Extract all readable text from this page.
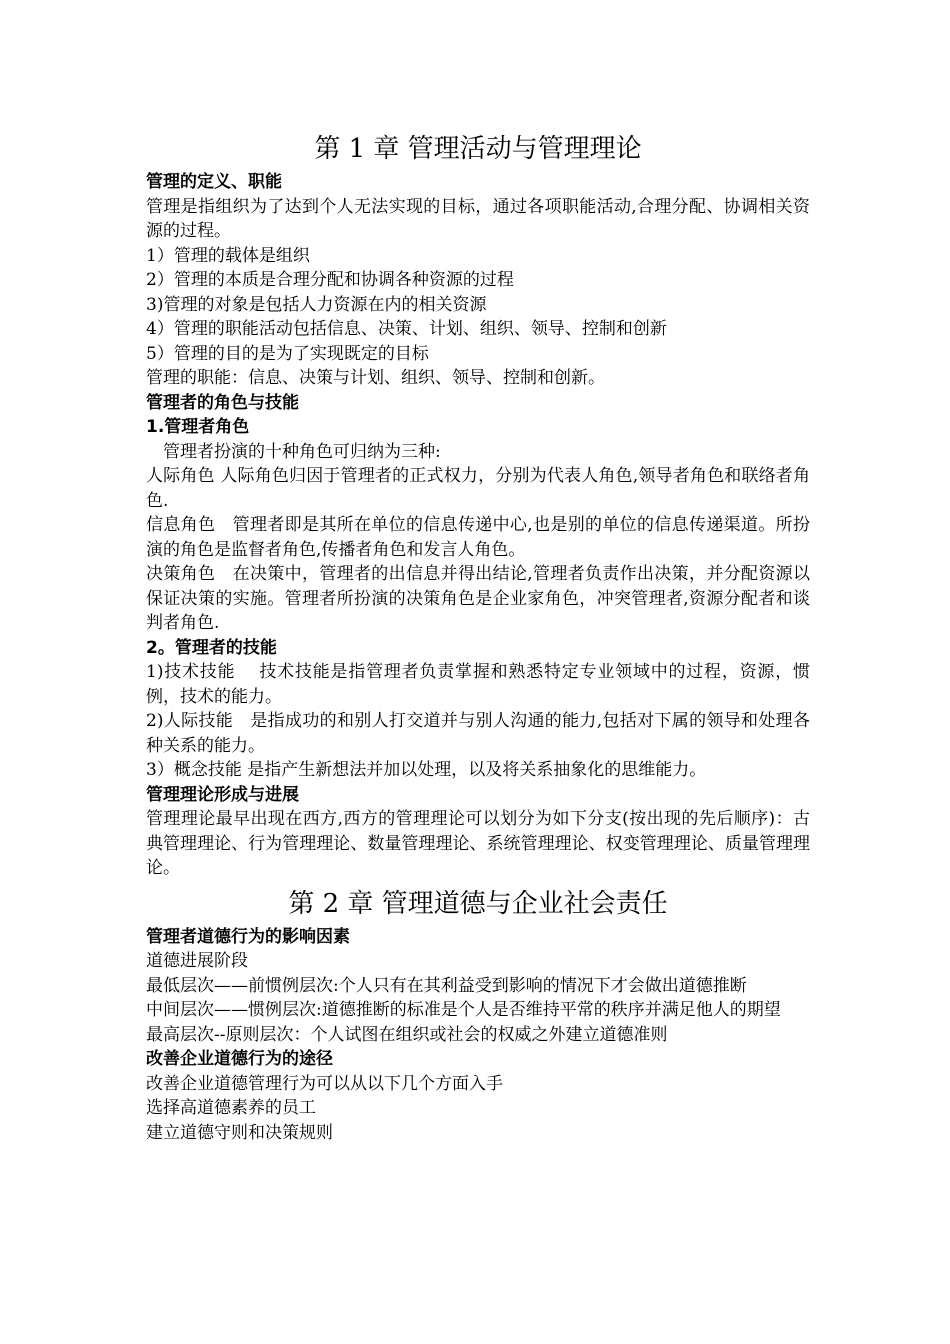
第 1 章 管理活动与管理理论

管理的定义、职能

管理是指组织为了达到个人无法实现的目标，通过各项职能活动,合理分配、协调相关资源的过程。

1）管理的载体是组织

2）管理的本质是合理分配和协调各种资源的过程

3)管理的对象是包括人力资源在内的相关资源

4）管理的职能活动包括信息、决策、计划、组织、领导、控制和创新

5）管理的目的是为了实现既定的目标

管理的职能：信息、决策与计划、组织、领导、控制和创新。

管理者的角色与技能

1.管理者角色

管理者扮演的十种角色可归纳为三种:

人际角色 人际角色归因于管理者的正式权力，分别为代表人角色,领导者角色和联络者角色.

信息角色　管理者即是其所在单位的信息传递中心,也是别的单位的信息传递渠道。所扮演的角色是监督者角色,传播者角色和发言人角色。

决策角色　在决策中，管理者的出信息并得出结论,管理者负责作出决策，并分配资源以保证决策的实施。管理者所扮演的决策角色是企业家角色，冲突管理者,资源分配者和谈判者角色.

2。管理者的技能

1)技术技能　 技术技能是指管理者负责掌握和熟悉特定专业领域中的过程，资源，惯例，技术的能力。

2)人际技能　是指成功的和别人打交道并与别人沟通的能力,包括对下属的领导和处理各种关系的能力。

3）概念技能 是指产生新想法并加以处理，以及将关系抽象化的思维能力。

管理理论形成与进展

管理理论最早出现在西方,西方的管理理论可以划分为如下分支(按出现的先后顺序)：古典管理理论、行为管理理论、数量管理理论、系统管理理论、权变管理理论、质量管理理论。

第 2 章 管理道德与企业社会责任

管理者道德行为的影响因素

道德进展阶段

最低层次——前惯例层次:个人只有在其利益受到影响的情况下才会做出道德推断

中间层次——惯例层次:道德推断的标准是个人是否维持平常的秩序并满足他人的期望

最高层次--原则层次：个人试图在组织或社会的权威之外建立道德准则

改善企业道德行为的途径

改善企业道德管理行为可以从以下几个方面入手

选择高道德素养的员工

建立道德守则和决策规则
